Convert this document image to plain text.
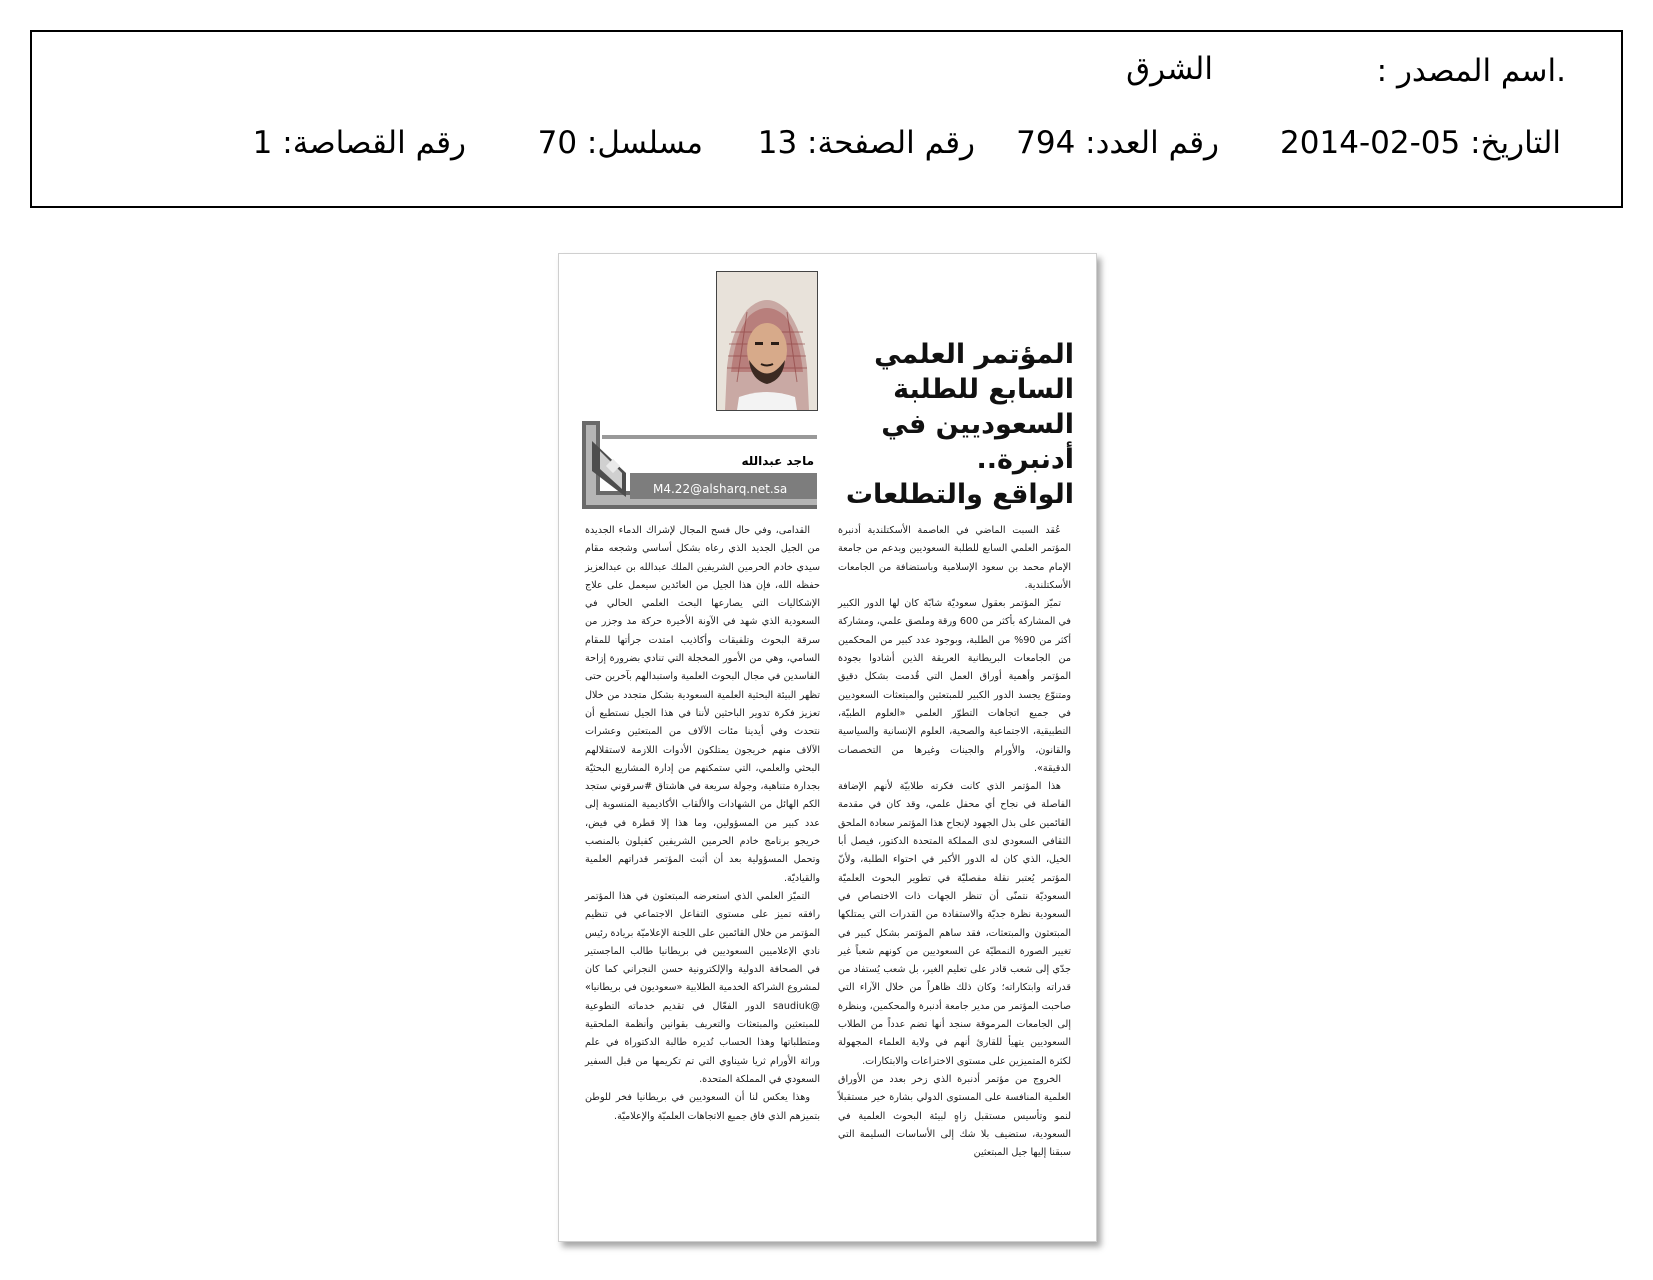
.اسم المصدر :
الشرق
التاريخ: 05-02-2014
رقم العدد: 794
رقم الصفحة: 13
مسلسل: 70
رقم القصاصة: 1
المؤتمر العلمي
السابع للطلبة
السعوديين في أدنبرة..
الواقع والتطلعات
ماجد عبدالله
M4.22@alsharq.net.sa

عُقد السبت الماضي في العاصمة الأسكتلندية أدنبرة المؤتمر العلمي السابع للطلبة السعوديين وبدعم من جامعة الإمام محمد بن سعود الإسلامية وباستضافة من الجامعات الأسكتلندية.

تميّز المؤتمر بعقول سعوديّة شابّة كان لها الدور الكبير في المشاركة بأكثر من 600 ورقة وملصق علمي، ومشاركة أكثر من 90% من الطلبة، وبوجود عدد كبير من المحكمين من الجامعات البريطانية العريقة الذين أشادوا بجودة المؤتمر وأهمية أوراق العمل التي قُدمت بشكل دقيق ومتنوّع يجسد الدور الكبير للمبتعثين والمبتعثات السعوديين في جميع اتجاهات التطوّر العلمي «العلوم الطبيّة، التطبيقية، الاجتماعية والصحية، العلوم الإنسانية والسياسية والقانون، والأورام والجينات وغيرها من التخصصات الدقيقة».

هذا المؤتمر الذي كانت فكرته طلابيّة لأنهم الإضافة الفاصلة في نجاح أي محفل علمي، وقد كان في مقدمة القائمين على بذل الجهود لإنجاح هذا المؤتمر سعادة الملحق الثقافي السعودي لدى المملكة المتحدة الدكتور، فيصل أبا الخيل، الذي كان له الدور الأكبر في احتواء الطلبة، ولأنّ المؤتمر يُعتبر نقلة مفصليّة في تطوير البحوث العلميّة السعوديّة نتمنّى أن تنظر الجهات ذات الاختصاص في السعودية نظرة جديّة والاستفادة من القدرات التي يمتلكها المبتعثون والمبتعثات، فقد ساهم المؤتمر بشكل كبير في تغيير الصورة النمطيّة عن السعوديين من كونهم شعباً غير جدّي إلى شعب قادر على تعليم الغير، بل شعب يُستفاد من قدراته وابتكاراته؛ وكان ذلك ظاهراً من خلال الآراء التي صاحبت المؤتمر من مدير جامعة أدنبرة والمحكمين، وبنظرة إلى الجامعات المرموقة سنجد أنها تضم عدداً من الطلاب السعوديين يتهيأ للقارئ أنهم في ولاية العلماء المجهولة لكثرة المتميزين على مستوى الاختراعات والابتكارات.

الخروج من مؤتمر أدنبرة الذي زخر بعدد من الأوراق العلمية المنافسة على المستوى الدولي بشارة خير مستقبلاً لنمو وتأسيس مستقبل زاهٍ لبيئة البحوث العلمية في السعودية، ستضيف بلا شك إلى الأساسات السليمة التي سبقنا إليها جيل المبتعثين

القدامى، وفي حال فسح المجال لإشراك الدماء الجديدة من الجيل الجديد الذي رعاه بشكل أساسي وشجعه مقام سيدي خادم الحرمين الشريفين الملك عبدالله بن عبدالعزيز حفظه الله، فإن هذا الجيل من العائدين سيعمل على علاج الإشكاليات التي يصارعها البحث العلمي الحالي في السعودية الذي شهد في الآونة الأخيرة حركة مد وجزر من سرقة البحوث وتلفيقات وأكاذيب امتدت جرأتها للمقام السامي، وهي من الأمور المخجلة التي تنادي بضرورة إزاحة الفاسدين في مجال البحوث العلمية واستبدالهم بآخرين حتى تظهر البيئة البحثية العلمية السعودية بشكل متجدد من خلال تعزيز فكرة تدوير الباحثين لأننا في هذا الجيل نستطيع أن نتحدث وفي أيدينا مئات الآلاف من المبتعثين وعشرات الآلاف منهم خريجون يمتلكون الأدوات اللازمة لاستقلالهم البحثي والعلمي، التي ستمكنهم من إدارة المشاريع البحثيّة بجدارة متناهية، وجولة سريعة في هاشتاق #سرقوني ستجد الكم الهائل من الشهادات والألقاب الأكاديمية المنسوبة إلى عدد كبير من المسؤولين، وما هذا إلا قطرة في فيض، خريجو برنامج خادم الحرمين الشريفين كفيلون بالمنصب وتحمل المسؤولية بعد أن أثبت المؤتمر قدراتهم العلمية والقياديّة.

التميّز العلمي الذي استعرضه المبتعثون في هذا المؤتمر رافقه تميز على مستوى التفاعل الاجتماعي في تنظيم المؤتمر من خلال القائمين على اللجنة الإعلاميّة بريادة رئيس نادي الإعلاميين السعوديين في بريطانيا طالب الماجستير في الصحافة الدولية والإلكترونية حسن النجراني كما كان لمشروع الشراكة الخدمية الطلابية «سعوديون في بريطانيا» @saudiuk الدور الفعّال في تقديم خدماته التطوعية للمبتعثين والمبتعثات والتعريف بقوانين وأنظمة الملحقية ومتطلباتها وهذا الحساب تُديره طالبة الدكتوراة في علم وراثة الأورام ثريا شيناوي التي تم تكريمها من قبل السفير السعودي في المملكة المتحدة.

وهذا يعكس لنا أن السعوديين في بريطانيا فخر للوطن بتميزهم الذي فاق جميع الاتجاهات العلميّة والإعلاميّة.
